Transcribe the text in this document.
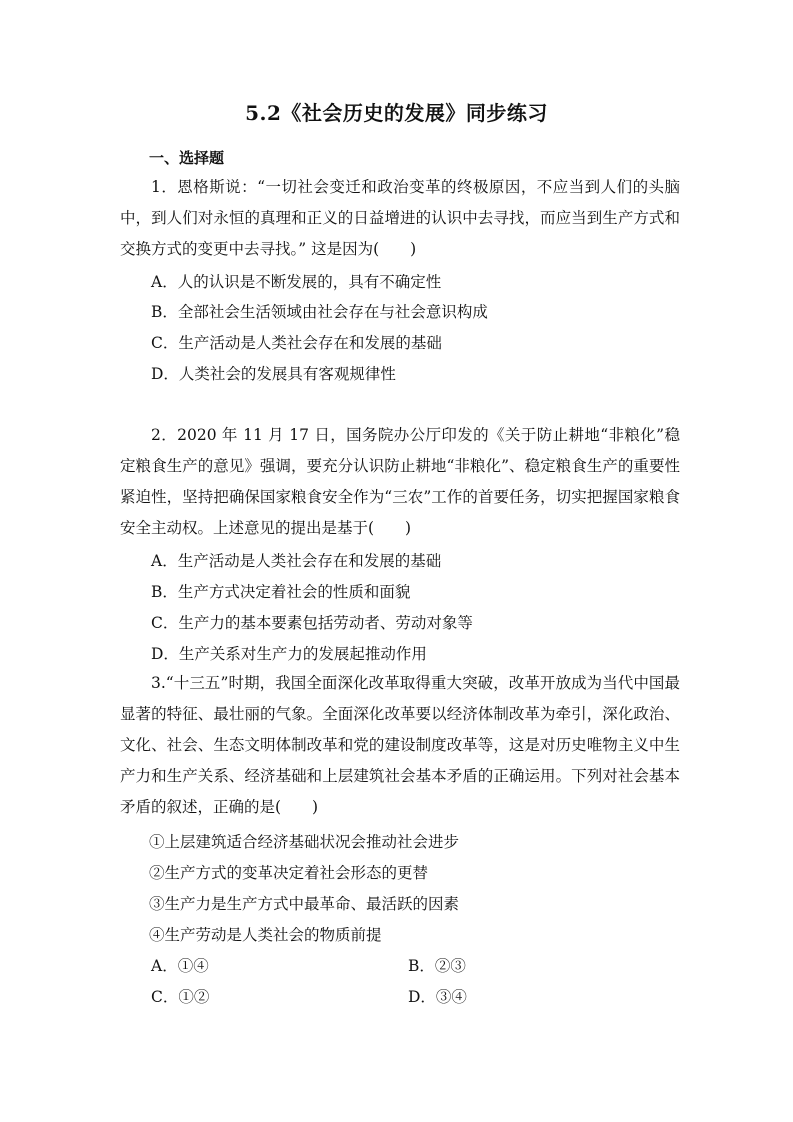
5.2《社会历史的发展》同步练习
一、选择题
1．恩格斯说：“一切社会变迁和政治变革的终极原因，不应当到人们的头脑中，到人们对永恒的真理和正义的日益增进的认识中去寻找，而应当到生产方式和交换方式的变更中去寻找。” 这是因为(　　)
A．人的认识是不断发展的，具有不确定性
B．全部社会生活领域由社会存在与社会意识构成
C．生产活动是人类社会存在和发展的基础
D．人类社会的发展具有客观规律性
2．2020 年 11 月 17 日，国务院办公厅印发的《关于防止耕地“非粮化”稳定粮食生产的意见》强调，要充分认识防止耕地“非粮化”、稳定粮食生产的重要性紧迫性，坚持把确保国家粮食安全作为“三农”工作的首要任务，切实把握国家粮食安全主动权。上述意见的提出是基于(　　)
A．生产活动是人类社会存在和发展的基础
B．生产方式决定着社会的性质和面貌
C．生产力的基本要素包括劳动者、劳动对象等
D．生产关系对生产力的发展起推动作用
3.“十三五”时期，我国全面深化改革取得重大突破，改革开放成为当代中国最显著的特征、最壮丽的气象。全面深化改革要以经济体制改革为牵引，深化政治、文化、社会、生态文明体制改革和党的建设制度改革等，这是对历史唯物主义中生产力和生产关系、经济基础和上层建筑社会基本矛盾的正确运用。下列对社会基本矛盾的叙述，正确的是(　　)
①上层建筑适合经济基础状况会推动社会进步
②生产方式的变革决定着社会形态的更替
③生产力是生产方式中最革命、最活跃的因素
④生产劳动是人类社会的物质前提
A．①④	B．②③
C．①②	D．③④
